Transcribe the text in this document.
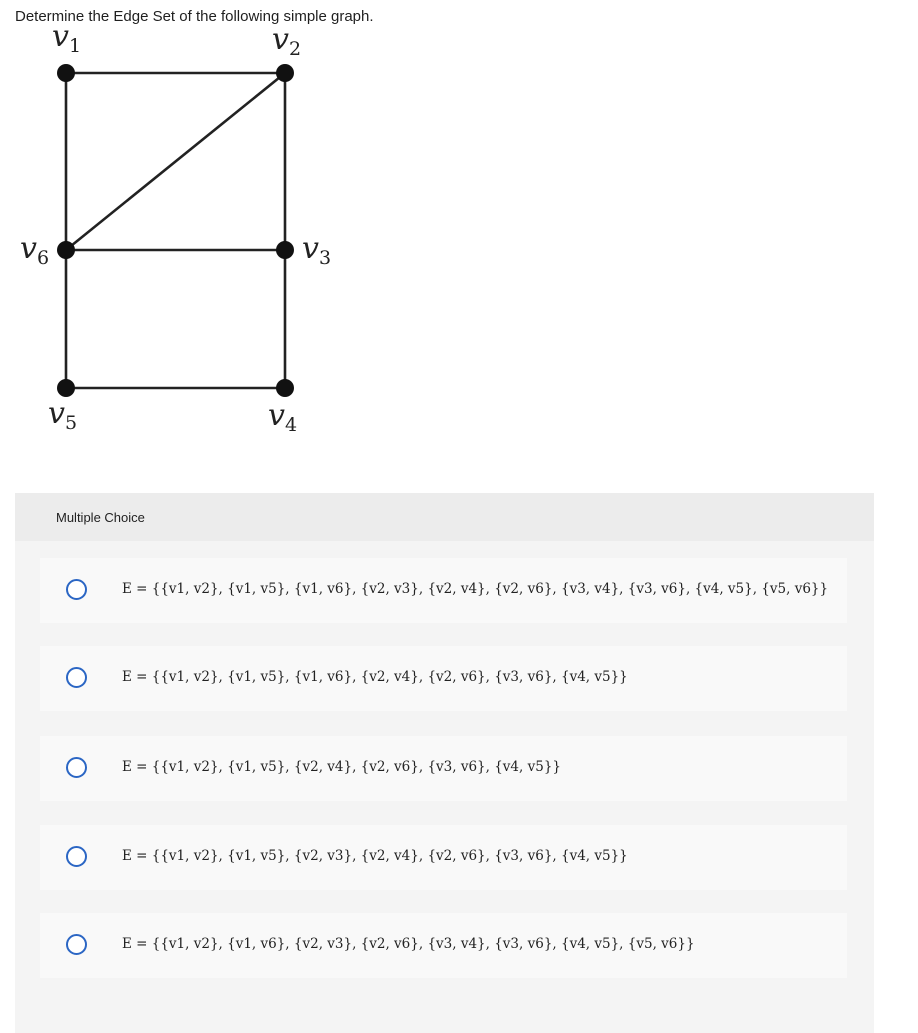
Determine the Edge Set of the following simple graph.
$v_1$	$v_2$
$v_3$
$v_4$
$v_5$
$v_6$
Multiple Choice
E = {{v1, v2}, {v1, v5}, {v1, v6}, {v2, v3}, {v2, v4}, {v2, v6}, {v3, v4}, {v3, v6}, {v4, v5}, {v5, v6}}
E = {{v1, v2}, {v1, v5}, {v1, v6}, {v2, v4}, {v2, v6}, {v3, v6}, {v4, v5}}
E = {{v1, v2}, {v1, v5}, {v2, v4}, {v2, v6}, {v3, v6}, {v4, v5}}
E = {{v1, v2}, {v1, v5}, {v2, v3}, {v2, v4}, {v2, v6}, {v3, v6}, {v4, v5}}
E = {{v1, v2}, {v1, v6}, {v2, v3}, {v2, v6}, {v3, v4}, {v3, v6}, {v4, v5}, {v5, v6}}
